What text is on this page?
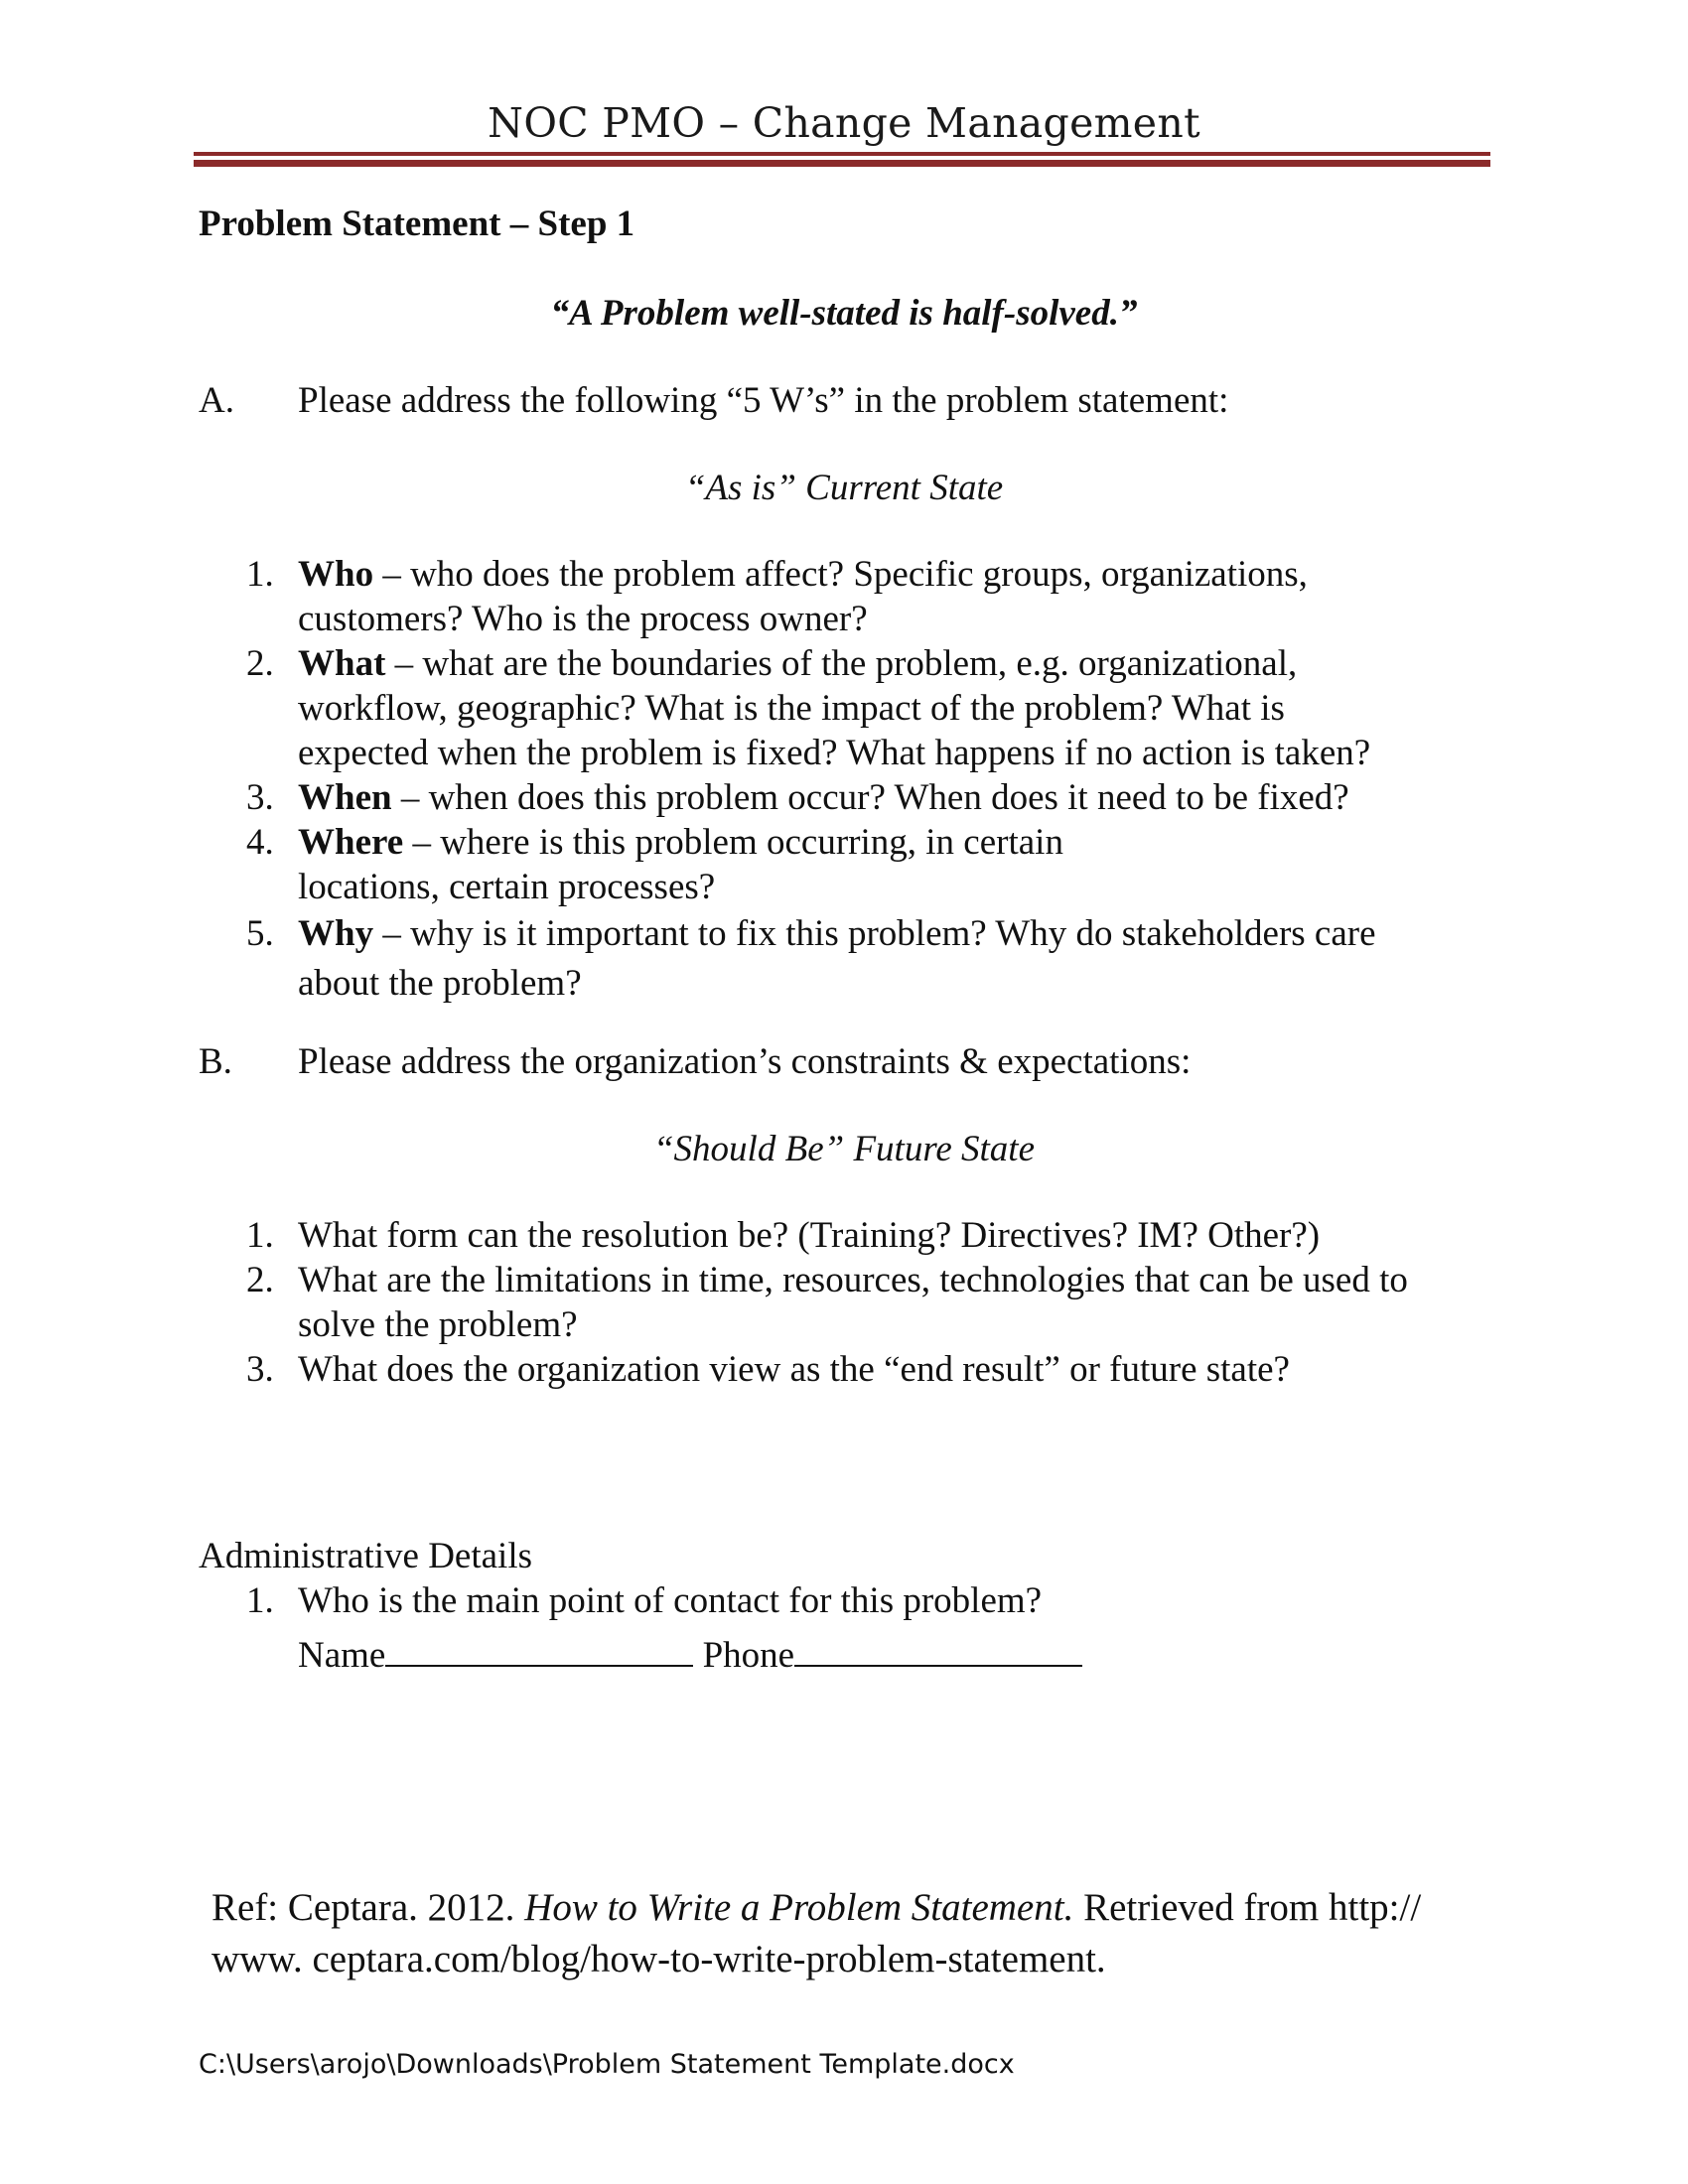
NOC PMO – Change Management
Problem Statement – Step 1
“A Problem well-stated is half-solved.”
A. Please address the following “5 W’s” in the problem statement:
“As is” Current State
1. Who – who does the problem affect? Specific groups, organizations, customers? Who is the process owner?
2. What – what are the boundaries of the problem, e.g. organizational, workflow, geographic? What is the impact of the problem? What is expected when the problem is fixed? What happens if no action is taken?
3. When – when does this problem occur? When does it need to be fixed?
4. Where – where is this problem occurring, in certain locations, certain processes?
5. Why – why is it important to fix this problem? Why do stakeholders care about the problem?
B. Please address the organization’s constraints & expectations:
“Should Be” Future State
1. What form can the resolution be? (Training? Directives? IM? Other?)
2. What are the limitations in time, resources, technologies that can be used to solve the problem?
3. What does the organization view as the “end result” or future state?
Administrative Details
1. Who is the main point of contact for this problem?
Name	Phone
Ref: Ceptara. 2012. How to Write a Problem Statement. Retrieved from http:// www. ceptara.com/blog/how-to-write-problem-statement.
C:\Users\arojo\Downloads\Problem Statement Template.docx
